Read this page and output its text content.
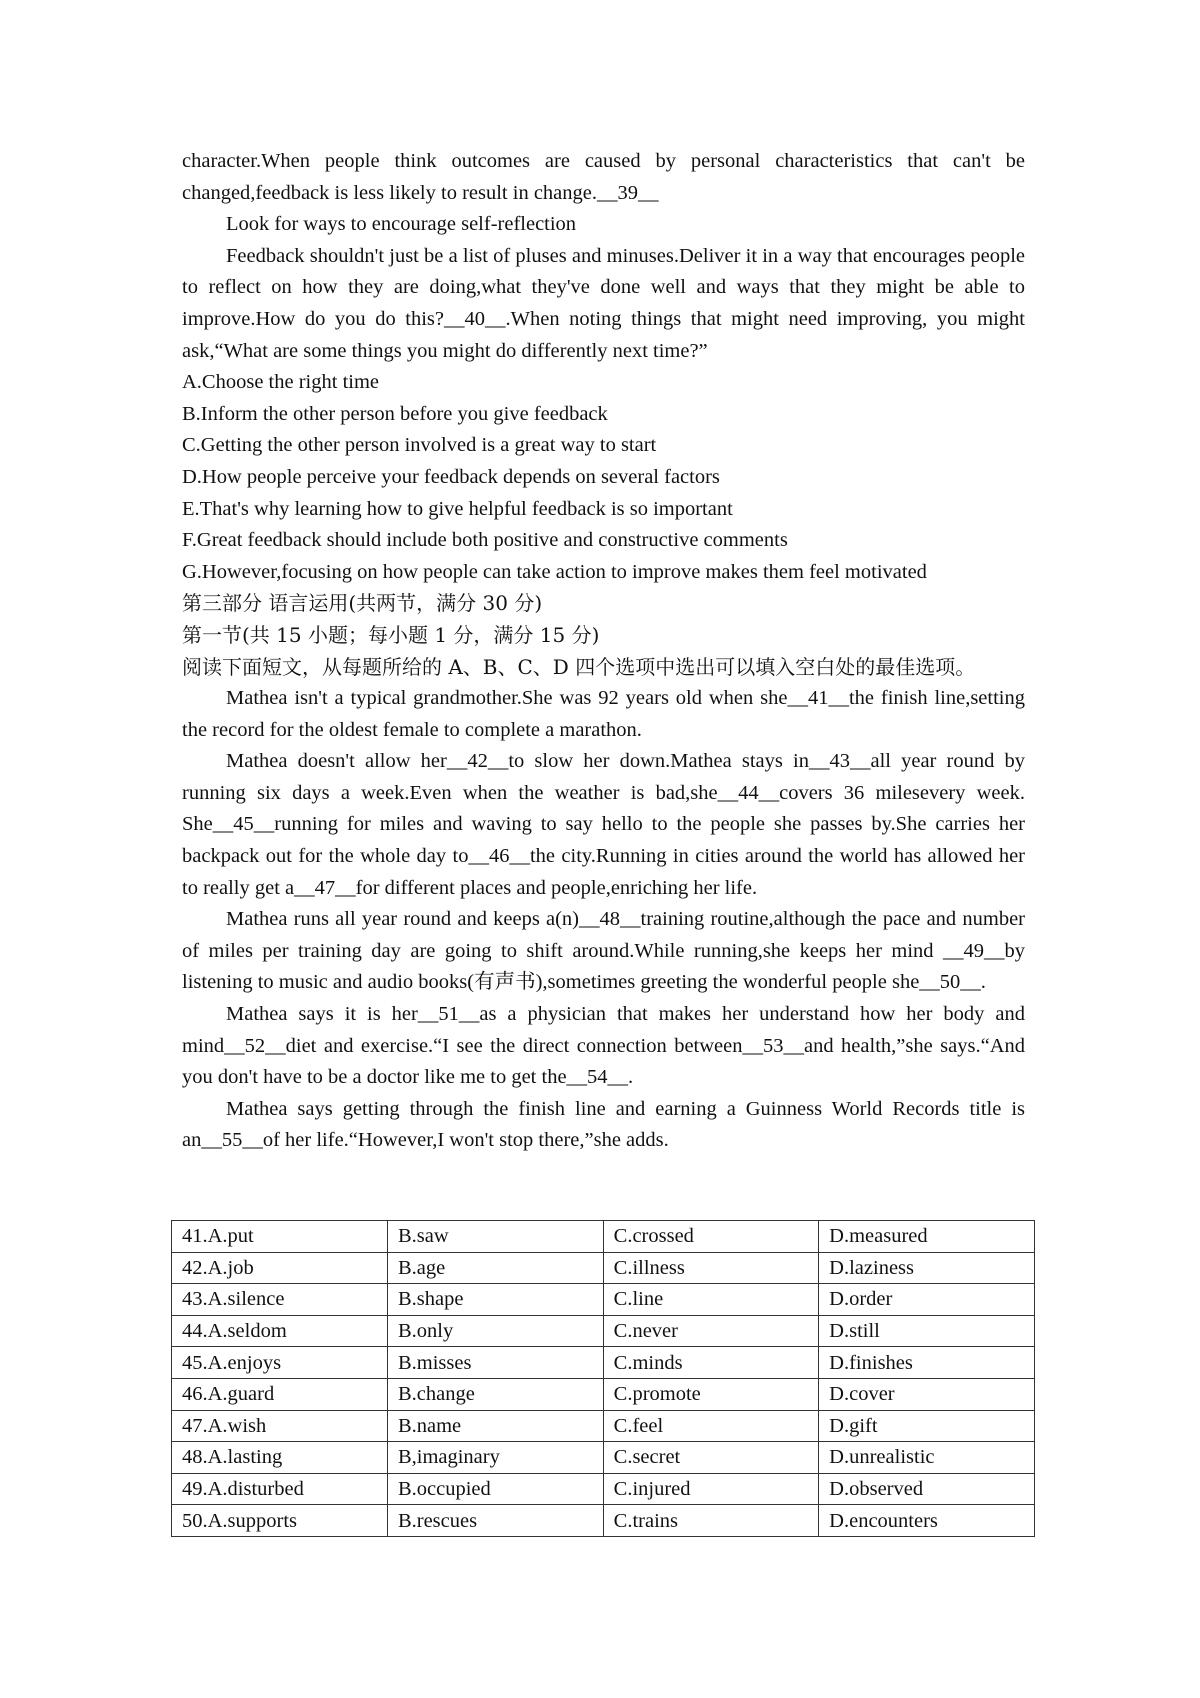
character.When people think outcomes are caused by personal characteristics that can't be changed,feedback is less likely to result in change.__39__

Look for ways to encourage self-reflection

Feedback shouldn't just be a list of pluses and minuses.Deliver it in a way that encourages people to reflect on how they are doing,what they've done well and ways that they might be able to improve.How do you do this?__40__.When noting things that might need improving, you might ask,“What are some things you might do differently next time?”

A.Choose the right time

B.Inform the other person before you give feedback

C.Getting the other person involved is a great way to start

D.How people perceive your feedback depends on several factors

E.That's why learning how to give helpful feedback is so important

F.Great feedback should include both positive and constructive comments

G.However,focusing on how people can take action to improve makes them feel motivated

第三部分 语言运用(共两节，满分 30 分)

第一节(共 15 小题；每小题 1 分，满分 15 分)

阅读下面短文，从每题所给的 A、B、C、D 四个选项中选出可以填入空白处的最佳选项。

Mathea isn't a typical grandmother.She was 92 years old when she__41__the finish line,setting the record for the oldest female to complete a marathon.

Mathea doesn't allow her__42__to slow her down.Mathea stays in__43__all year round by running six days a week.Even when the weather is bad,she__44__covers 36 milesevery week. She__45__running for miles and waving to say hello to the people she passes by.She carries her backpack out for the whole day to__46__the city.Running in cities around the world has allowed her to really get a__47__for different places and people,enriching her life.

Mathea runs all year round and keeps a(n)__48__training routine,although the pace and number of miles per training day are going to shift around.While running,she keeps her mind __49__by listening to music and audio books(有声书),sometimes greeting the wonderful people she__50__.

Mathea says it is her__51__as a physician that makes her understand how her body and mind__52__diet and exercise.“I see the direct connection between__53__and health,”she says.“And you don't have to be a doctor like me to get the__54__.

Mathea says getting through the finish line and earning a Guinness World Records title is an__55__of her life.“However,I won't stop there,”she adds.

41.A.put	B.saw	C.crossed	D.measured
42.A.job	B.age	C.illness	D.laziness
43.A.silence	B.shape	C.line	D.order
44.A.seldom	B.only	C.never	D.still
45.A.enjoys	B.misses	C.minds	D.finishes
46.A.guard	B.change	C.promote	D.cover
47.A.wish	B.name	C.feel	D.gift
48.A.lasting	B,imaginary	C.secret	D.unrealistic
49.A.disturbed	B.occupied	C.injured	D.observed
50.A.supports	B.rescues	C.trains	D.encounters
